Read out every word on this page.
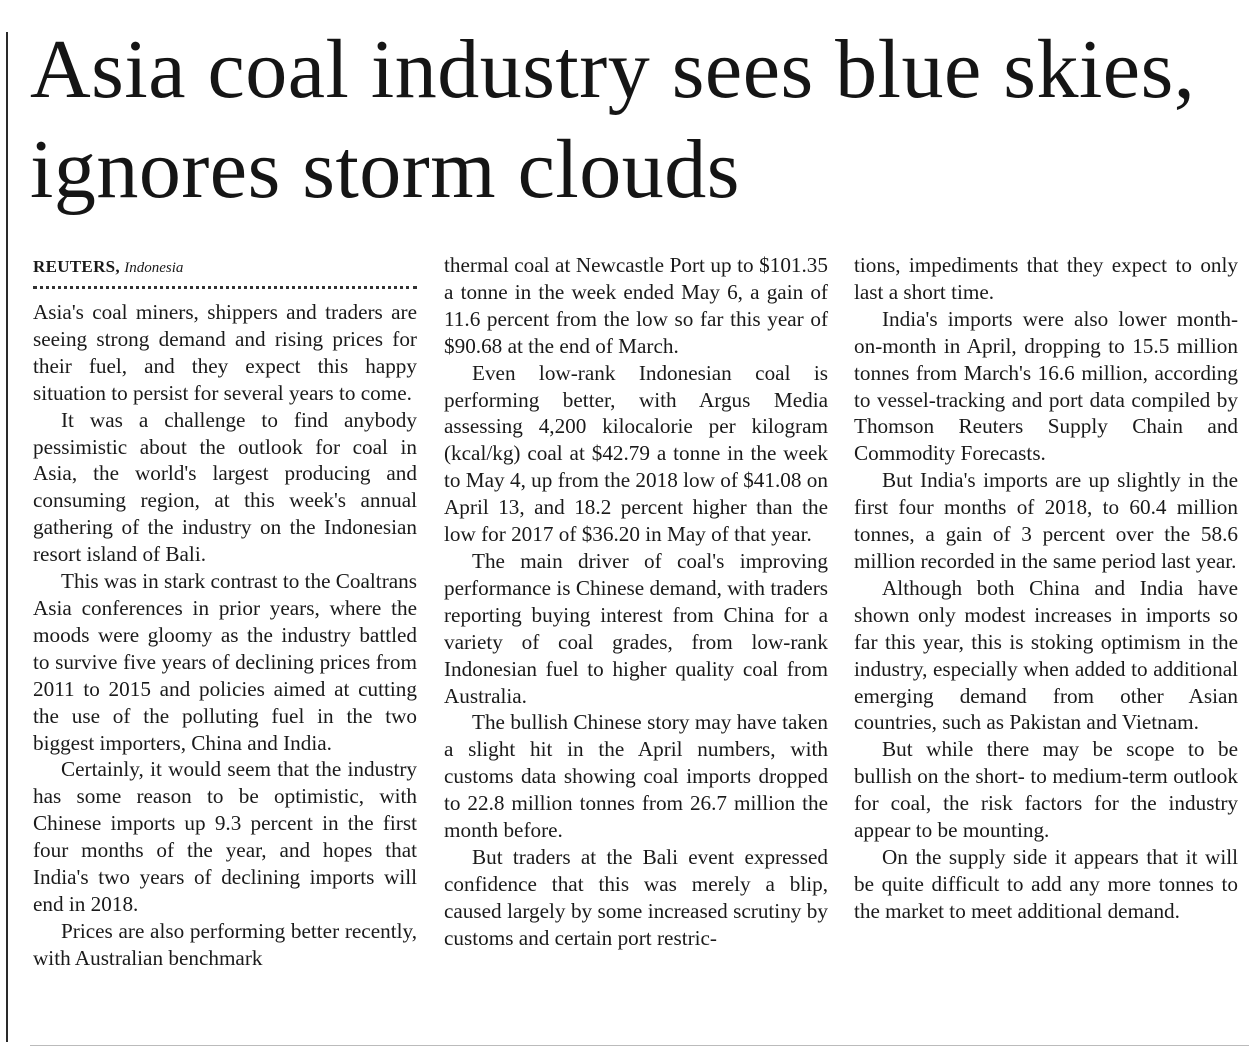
Asia coal industry sees blue skies, ignores storm clouds
REUTERS, Indonesia

Asia's coal miners, shippers and traders are seeing strong demand and rising prices for their fuel, and they expect this happy situation to persist for several years to come.

It was a challenge to find anybody pessimistic about the outlook for coal in Asia, the world's largest producing and consuming region, at this week's annual gathering of the industry on the Indonesian resort island of Bali.

This was in stark contrast to the Coaltrans Asia conferences in prior years, where the moods were gloomy as the industry battled to survive five years of declining prices from 2011 to 2015 and policies aimed at cutting the use of the polluting fuel in the two biggest importers, China and India.

Certainly, it would seem that the industry has some reason to be optimistic, with Chinese imports up 9.3 percent in the first four months of the year, and hopes that India's two years of declining imports will end in 2018.

Prices are also performing better recently, with Australian benchmark

thermal coal at Newcastle Port up to $101.35 a tonne in the week ended May 6, a gain of 11.6 percent from the low so far this year of $90.68 at the end of March.

Even low-rank Indonesian coal is performing better, with Argus Media assessing 4,200 kilocalorie per kilogram (kcal/kg) coal at $42.79 a tonne in the week to May 4, up from the 2018 low of $41.08 on April 13, and 18.2 percent higher than the low for 2017 of $36.20 in May of that year.

The main driver of coal's improving performance is Chinese demand, with traders reporting buying interest from China for a variety of coal grades, from low-rank Indonesian fuel to higher quality coal from Australia.

The bullish Chinese story may have taken a slight hit in the April numbers, with customs data showing coal imports dropped to 22.8 million tonnes from 26.7 million the month before.

But traders at the Bali event expressed confidence that this was merely a blip, caused largely by some increased scrutiny by customs and certain port restric-

tions, impediments that they expect to only last a short time.

India's imports were also lower month-on-month in April, dropping to 15.5 million tonnes from March's 16.6 million, according to vessel-tracking and port data compiled by Thomson Reuters Supply Chain and Commodity Forecasts.

But India's imports are up slightly in the first four months of 2018, to 60.4 million tonnes, a gain of 3 percent over the 58.6 million recorded in the same period last year.

Although both China and India have shown only modest increases in imports so far this year, this is stoking optimism in the industry, especially when added to additional emerging demand from other Asian countries, such as Pakistan and Vietnam.

But while there may be scope to be bullish on the short- to medium-term outlook for coal, the risk factors for the industry appear to be mounting.

On the supply side it appears that it will be quite difficult to add any more tonnes to the market to meet additional demand.
